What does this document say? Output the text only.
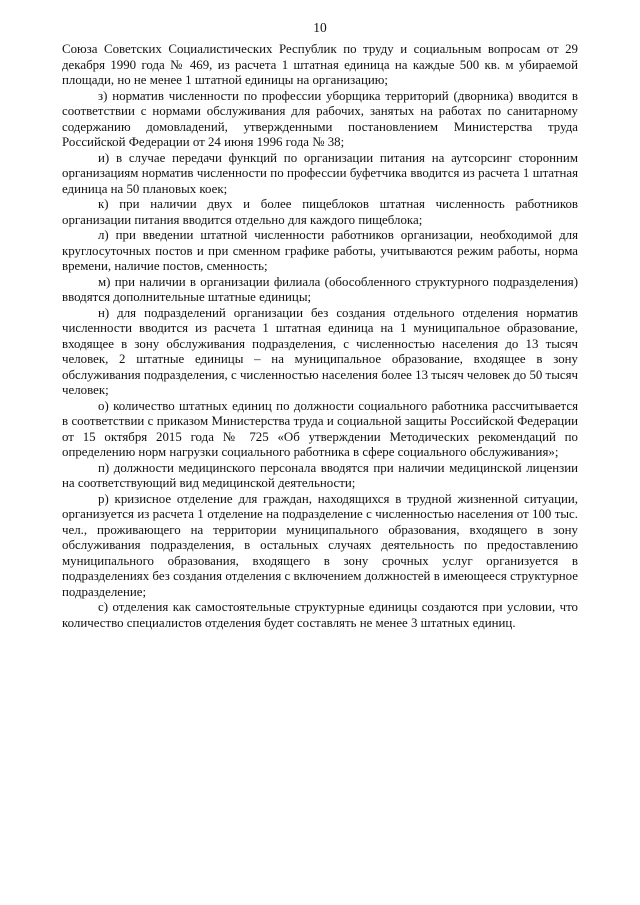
10

Союза Советских Социалистических Республик по труду и социальным вопросам от 29 декабря 1990 года № 469, из расчета 1 штатная единица на каждые 500 кв. м убираемой площади, но не менее 1 штатной единицы на организацию;

з) норматив численности по профессии уборщика территорий (дворника) вводится в соответствии с нормами обслуживания для рабочих, занятых на работах по санитарному содержанию домовладений, утвержденными постановлением Министерства труда Российской Федерации от 24 июня 1996 года № 38;

и) в случае передачи функций по организации питания на аутсорсинг сторонним организациям норматив численности по профессии буфетчика вводится из расчета 1 штатная единица на 50 плановых коек;

к) при наличии двух и более пищеблоков штатная численность работников организации питания вводится отдельно для каждого пищеблока;

л) при введении штатной численности работников организации, необходимой для круглосуточных постов и при сменном графике работы, учитываются режим работы, норма времени, наличие постов, сменность;

м) при наличии в организации филиала (обособленного структурного подразделения) вводятся дополнительные штатные единицы;

н) для подразделений организации без создания отдельного отделения норматив численности вводится из расчета 1 штатная единица на 1 муниципальное образование, входящее в зону обслуживания подразделения, с численностью населения до 13 тысяч человек, 2 штатные единицы – на муниципальное образование, входящее в зону обслуживания подразделения, с численностью населения более 13 тысяч человек до 50 тысяч человек;

о) количество штатных единиц по должности социального работника рассчитывается в соответствии с приказом Министерства труда и социальной защиты Российской Федерации от 15 октября 2015 года № 725 «Об утверждении Методических рекомендаций по определению норм нагрузки социального работника в сфере социального обслуживания»;

п) должности медицинского персонала вводятся при наличии медицинской лицензии на соответствующий вид медицинской деятельности;

р) кризисное отделение для граждан, находящихся в трудной жизненной ситуации, организуется из расчета 1 отделение на подразделение с численностью населения от 100 тыс. чел., проживающего на территории муниципального образования, входящего в зону обслуживания подразделения, в остальных случаях деятельность по предоставлению муниципального образования, входящего в зону срочных услуг организуется в подразделениях без создания отделения с включением должностей в имеющееся структурное подразделение;

с) отделения как самостоятельные структурные единицы создаются при условии, что количество специалистов отделения будет составлять не менее 3 штатных единиц.
